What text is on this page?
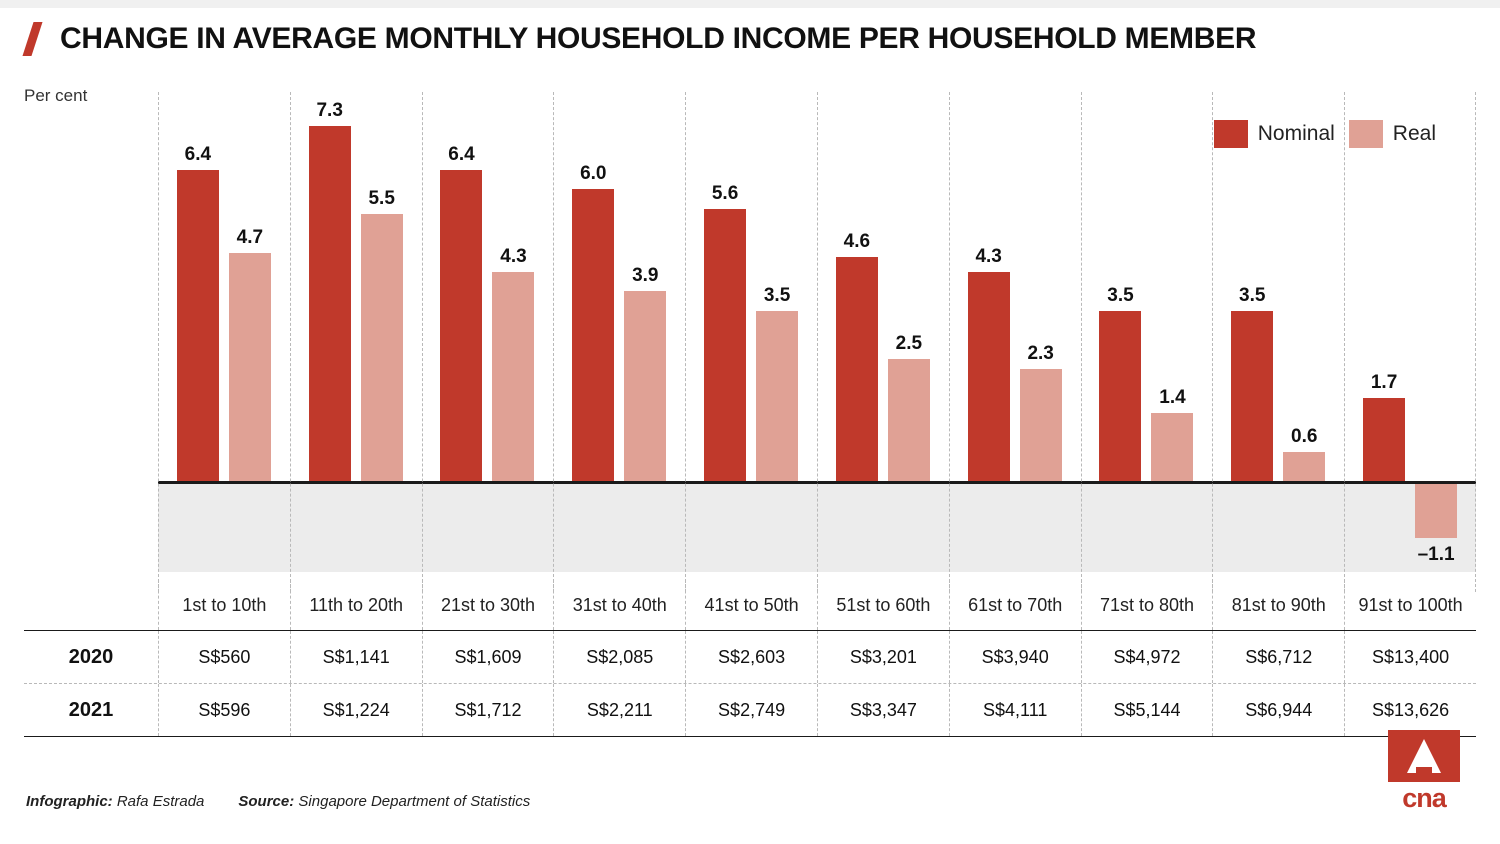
CHANGE IN AVERAGE MONTHLY HOUSEHOLD INCOME PER HOUSEHOLD MEMBER
Per cent
Nominal	Real
6.4
4.7
7.3
5.5
6.4
4.3
6.0
3.9
5.6
3.5
4.6
2.5
4.3
2.3
3.5
1.4
3.5
0.6
1.7
–1.1
1st to 10th	11th to 20th	21st to 30th	31st to 40th	41st to 50th	51st to 60th	61st to 70th	71st to 80th	81st to 90th	91st to 100th
2020	S$560	S$1,141	S$1,609	S$2,085	S$2,603	S$3,201	S$3,940	S$4,972	S$6,712	S$13,400
2021	S$596	S$1,224	S$1,712	S$2,211	S$2,749	S$3,347	S$4,111	S$5,144	S$6,944	S$13,626
Infographic: Rafa Estrada Source: Singapore Department of Statistics	cna
